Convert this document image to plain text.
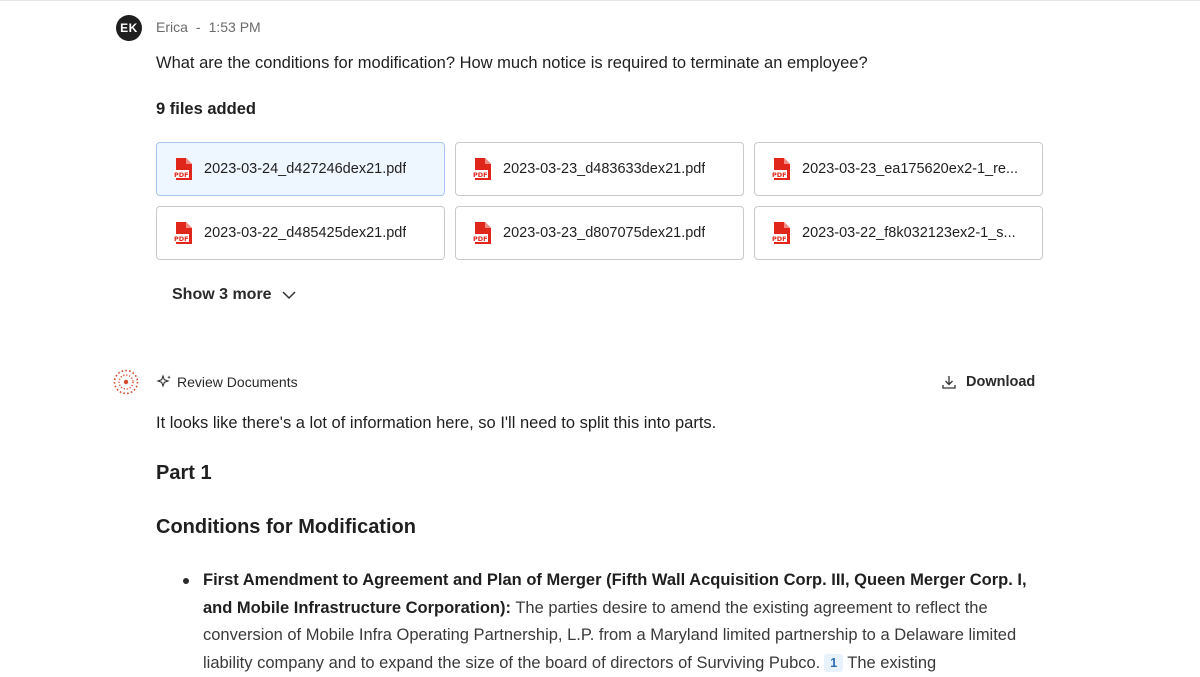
EK Erica - 1:53 PM
What are the conditions for modification? How much notice is required to terminate an employee?
9 files added
PDF 2023-03-24_d427246dex21.pdf	PDF 2023-03-23_d483633dex21.pdf	PDF 2023-03-23_ea175620ex2-1_re...
PDF 2023-03-22_d485425dex21.pdf	PDF 2023-03-23_d807075dex21.pdf	PDF 2023-03-22_f8k032123ex2-1_s...
Show 3 more
Review Documents	Download
It looks like there's a lot of information here, so I'll need to split this into parts.
Part 1
Conditions for Modification
First Amendment to Agreement and Plan of Merger (Fifth Wall Acquisition Corp. III, Queen Merger Corp. I, and Mobile Infrastructure Corporation): The parties desire to amend the existing agreement to reflect the conversion of Mobile Infra Operating Partnership, L.P. from a Maryland limited partnership to a Delaware limited liability company and to expand the size of the board of directors of Surviving Pubco. 1 The existing
